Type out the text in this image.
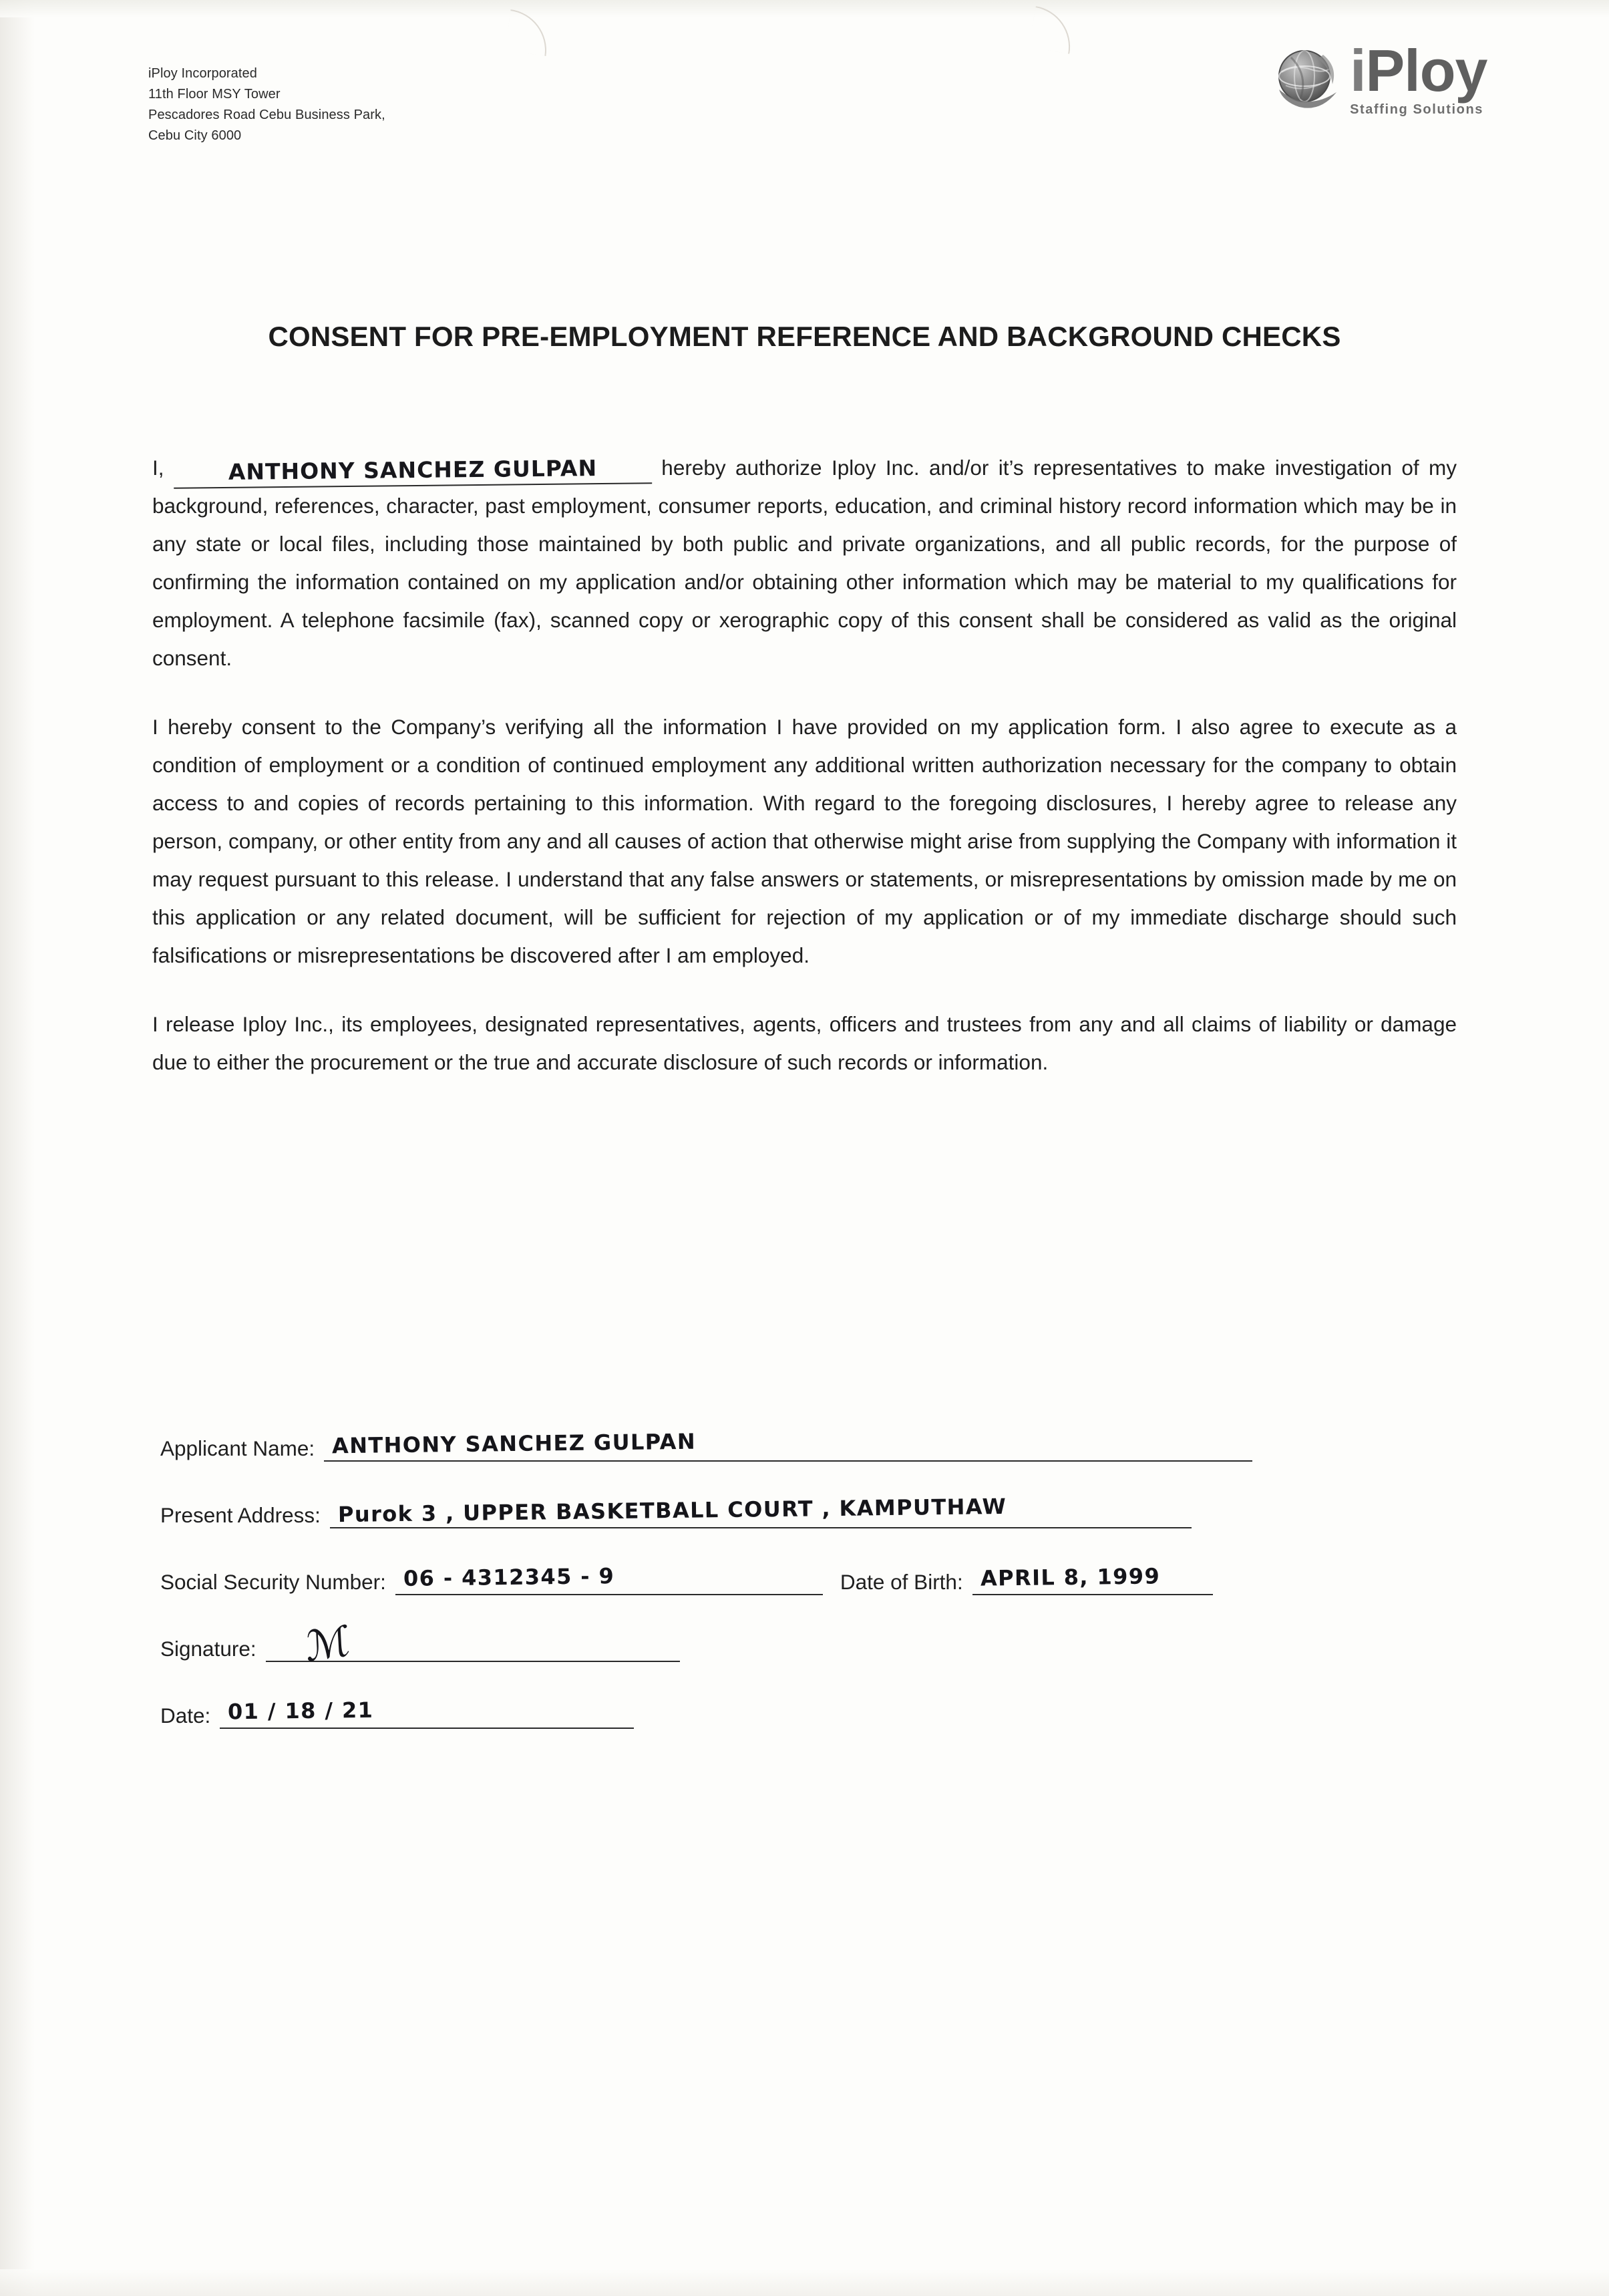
iPloy Incorporated
11th Floor MSY Tower
Pescadores Road Cebu Business Park,
Cebu City 6000
iPloy
Staffing Solutions
CONSENT FOR PRE-EMPLOYMENT REFERENCE AND BACKGROUND CHECKS

I,	ANTHONY SANCHEZ GULPAN	hereby authorize Iploy Inc. and/or it’s representatives to make investigation of my background, references, character, past employment, consumer reports, education, and criminal history record information which may be in any state or local files, including those maintained by both public and private organizations, and all public records, for the purpose of confirming the information contained on my application and/or obtaining other information which may be material to my qualifications for employment. A telephone facsimile (fax), scanned copy or xerographic copy of this consent shall be considered as valid as the original consent.

I hereby consent to the Company’s verifying all the information I have provided on my application form. I also agree to execute as a condition of employment or a condition of continued employment any additional written authorization necessary for the company to obtain access to and copies of records pertaining to this information. With regard to the foregoing disclosures, I hereby agree to release any person, company, or other entity from any and all causes of action that otherwise might arise from supplying the Company with information it may request pursuant to this release. I understand that any false answers or statements, or misrepresentations by omission made by me on this application or any related document, will be sufficient for rejection of my application or of my immediate discharge should such falsifications or misrepresentations be discovered after I am employed.

I release Iploy Inc., its employees, designated representatives, agents, officers and trustees from any and all claims of liability or damage due to either the procurement or the true and accurate disclosure of such records or information.

Applicant Name: ANTHONY SANCHEZ GULPAN
Present Address: Purok 3 , UPPER BASKETBALL COURT , KAMPUTHAW
Social Security Number: 06 - 4312345 - 9	Date of Birth: APRIL 8, 1999
Signature: ℳ
Date: 01 / 18 / 21
